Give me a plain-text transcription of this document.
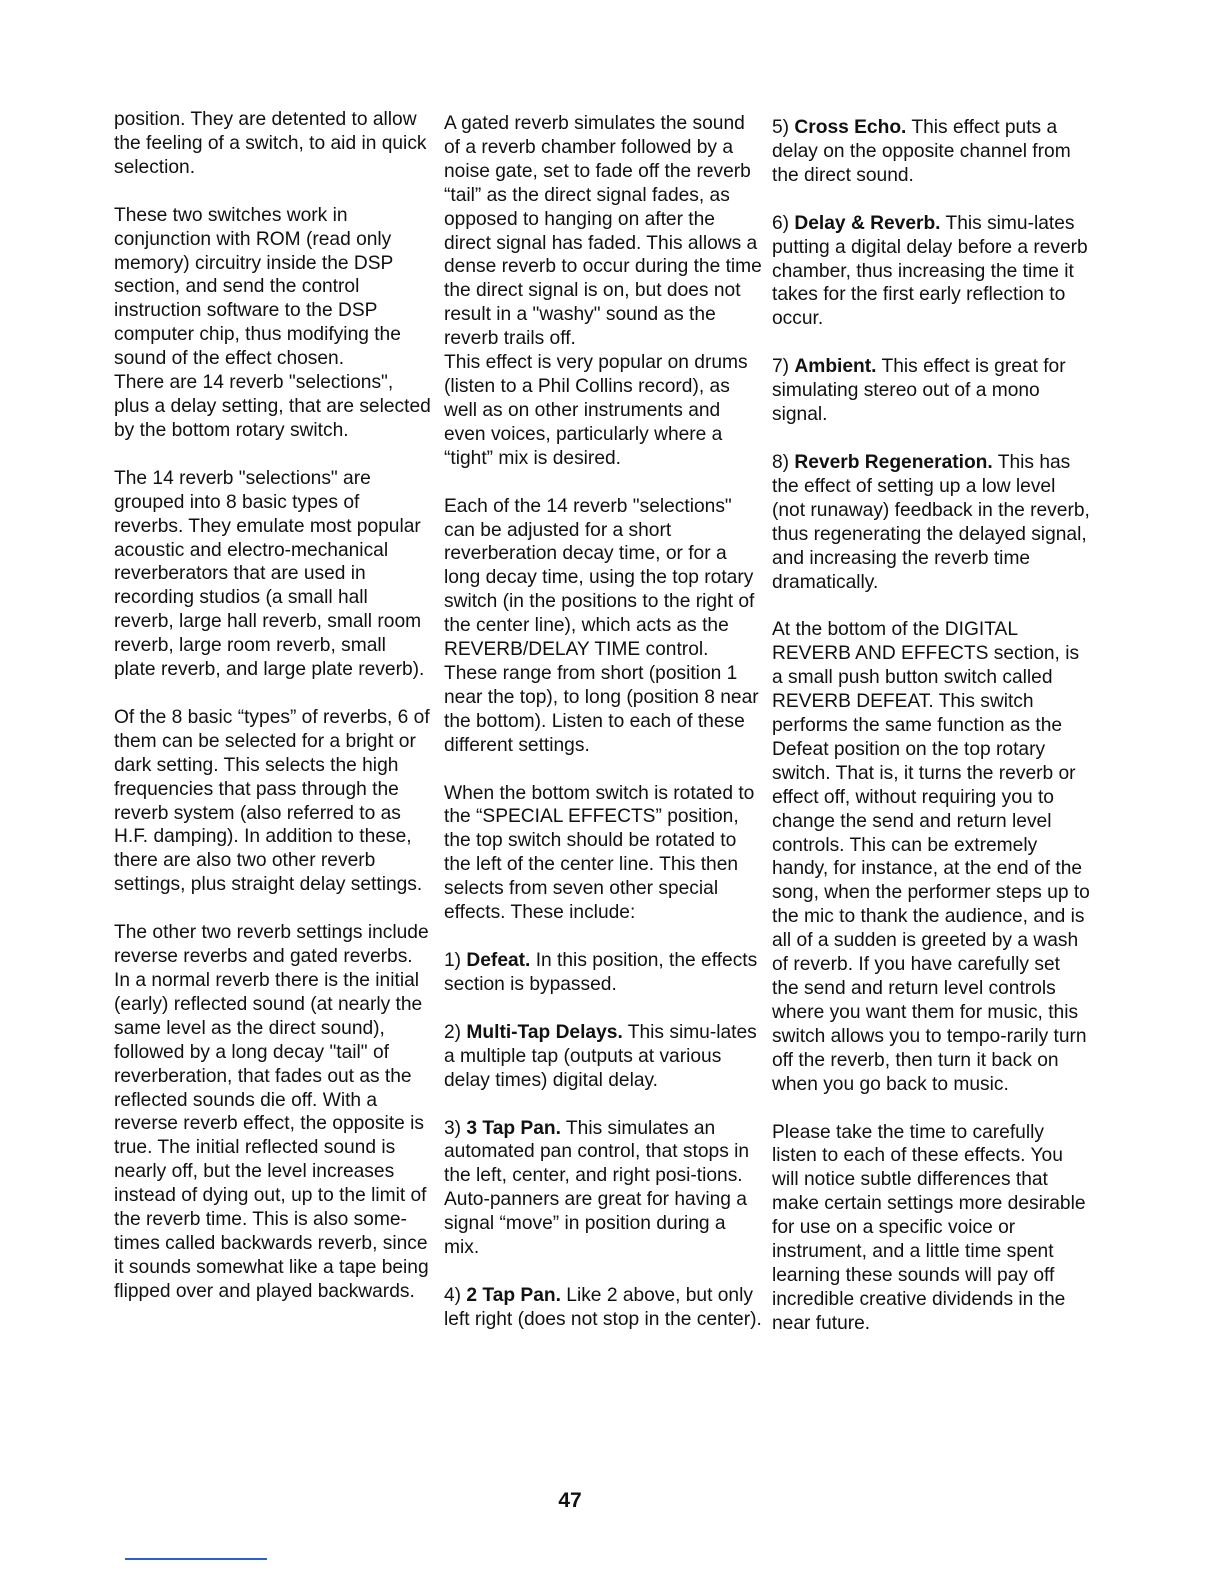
position. They are detented to allow the feeling of a switch, to aid in quick selection.

These two switches work in conjunction with ROM (read only memory) circuitry inside the DSP section, and send the control instruction software to the DSP computer chip, thus modifying the sound of the effect chosen.

There are 14 reverb "selections", plus a delay setting, that are selected by the bottom rotary switch.

The 14 reverb "selections" are grouped into 8 basic types of reverbs. They emulate most popular acoustic and electro-mechanical reverberators that are used in recording studios (a small hall reverb, large hall reverb, small room reverb, large room reverb, small plate reverb, and large plate reverb).

Of the 8 basic “types” of reverbs, 6 of them can be selected for a bright or dark setting. This selects the high frequencies that pass through the reverb system (also referred to as H.F. damping). In addition to these, there are also two other reverb settings, plus straight delay settings.

The other two reverb settings include reverse reverbs and gated reverbs. In a normal reverb there is the initial (early) reflected sound (at nearly the same level as the direct sound), followed by a long decay "tail" of reverberation, that fades out as the reflected sounds die off. With a reverse reverb effect, the opposite is true. The initial reflected sound is nearly off, but the level increases instead of dying out, up to the limit of the reverb time. This is also some-times called backwards reverb, since it sounds somewhat like a tape being flipped over and played backwards.

A gated reverb simulates the sound of a reverb chamber followed by a noise gate, set to fade off the reverb “tail” as the direct signal fades, as opposed to hanging on after the direct signal has faded. This allows a dense reverb to occur during the time the direct signal is on, but does not result in a "washy" sound as the reverb trails off.

This effect is very popular on drums (listen to a Phil Collins record), as well as on other instruments and even voices, particularly where a “tight” mix is desired.

Each of the 14 reverb "selections" can be adjusted for a short reverberation decay time, or for a long decay time, using the top rotary switch (in the positions to the right of the center line), which acts as the REVERB/DELAY TIME control. These range from short (position 1 near the top), to long (position 8 near the bottom). Listen to each of these different settings.

When the bottom switch is rotated to the “SPECIAL EFFECTS” position, the top switch should be rotated to the left of the center line. This then selects from seven other special effects. These include:

1) Defeat. In this position, the effects section is bypassed.

2) Multi-Tap Delays. This simu-lates a multiple tap (outputs at various delay times) digital delay.

3) 3 Tap Pan. This simulates an automated pan control, that stops in the left, center, and right posi-tions. Auto-panners are great for having a signal “move” in position during a mix.

4) 2 Tap Pan. Like 2 above, but only left right (does not stop in the center).

5) Cross Echo. This effect puts a delay on the opposite channel from the direct sound.

6) Delay & Reverb. This simu-lates putting a digital delay before a reverb chamber, thus increasing the time it takes for the first early reflection to occur.

7) Ambient. This effect is great for simulating stereo out of a mono signal.

8) Reverb Regeneration. This has the effect of setting up a low level (not runaway) feedback in the reverb, thus regenerating the delayed signal, and increasing the reverb time dramatically.

At the bottom of the DIGITAL REVERB AND EFFECTS section, is a small push button switch called REVERB DEFEAT. This switch performs the same function as the Defeat position on the top rotary switch. That is, it turns the reverb or effect off, without requiring you to change the send and return level controls. This can be extremely handy, for instance, at the end of the song, when the performer steps up to the mic to thank the audience, and is all of a sudden is greeted by a wash of reverb. If you have carefully set the send and return level controls where you want them for music, this switch allows you to tempo-rarily turn off the reverb, then turn it back on when you go back to music.

Please take the time to carefully listen to each of these effects. You will notice subtle differences that make certain settings more desirable for use on a specific voice or instrument, and a little time spent learning these sounds will pay off incredible creative dividends in the near future.

47
